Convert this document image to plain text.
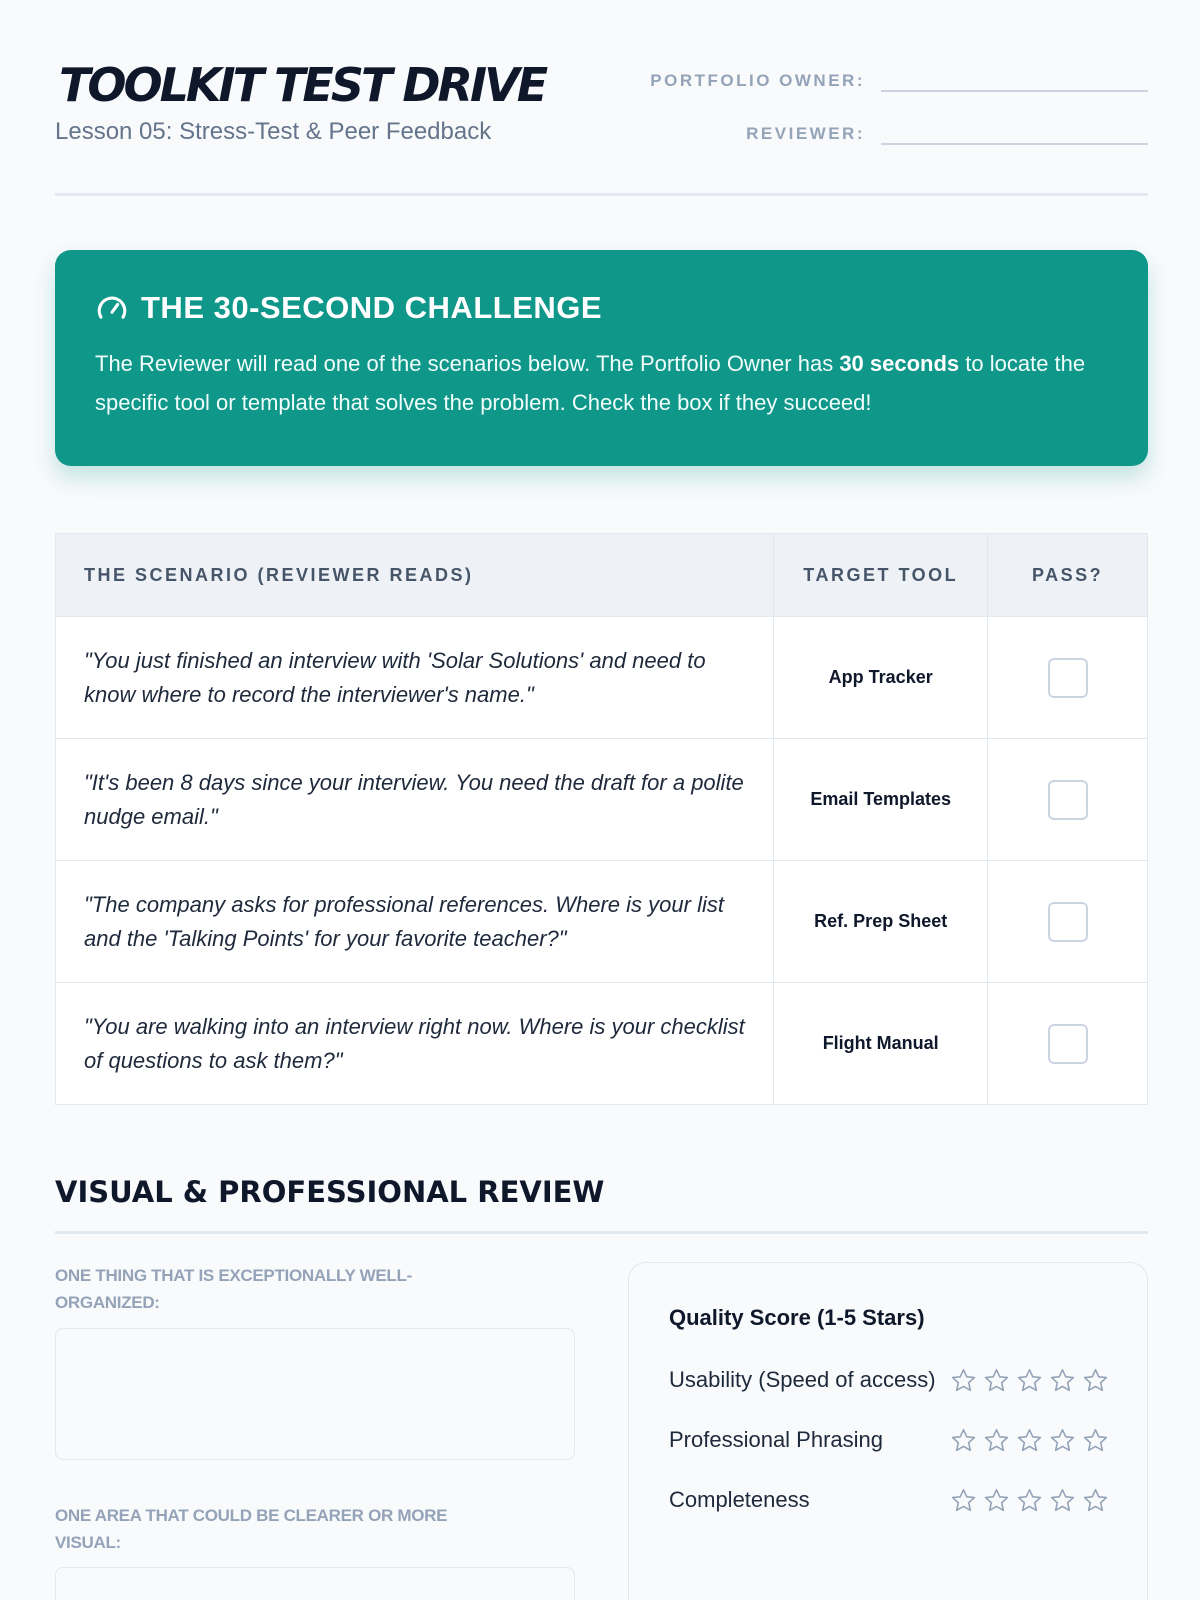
TOOLKIT TEST DRIVE
Lesson 05: Stress-Test & Peer Feedback
PORTFOLIO OWNER:
REVIEWER:
THE 30-SECOND CHALLENGE

The Reviewer will read one of the scenarios below. The Portfolio Owner has 30 seconds to locate the specific tool or template that solves the problem. Check the box if they succeed!

THE SCENARIO (REVIEWER READS)	TARGET TOOL	PASS?
"You just finished an interview with 'Solar Solutions' and need to know where to record the interviewer's name."	App Tracker	
"It's been 8 days since your interview. You need the draft for a polite nudge email."	Email Templates	
"The company asks for professional references. Where is your list and the 'Talking Points' for your favorite teacher?"	Ref. Prep Sheet	
"You are walking into an interview right now. Where is your checklist of questions to ask them?"	Flight Manual	
VISUAL & PROFESSIONAL REVIEW
ONE THING THAT IS EXCEPTIONALLY WELL-ORGANIZED:
ONE AREA THAT COULD BE CLEARER OR MORE VISUAL:
Quality Score (1-5 Stars)
Usability (Speed of access)
Professional Phrasing
Completeness
